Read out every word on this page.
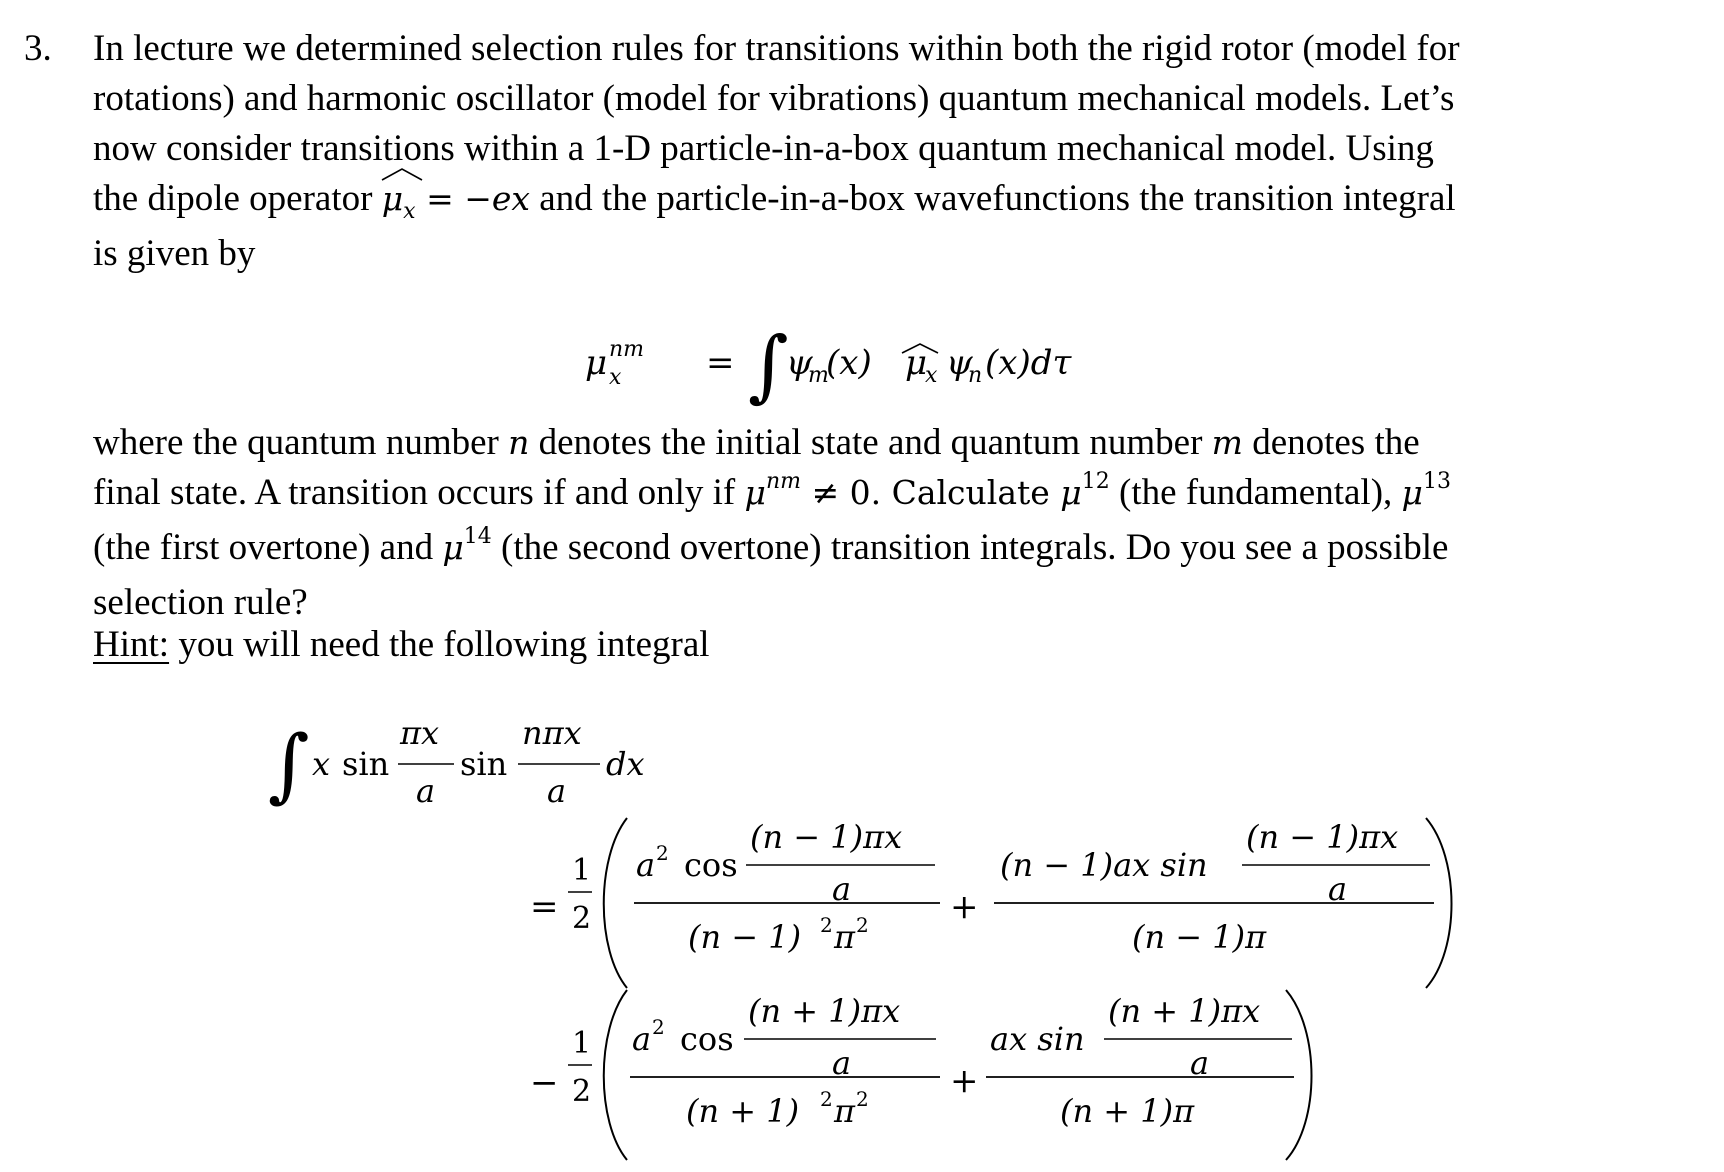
3. In lecture we determined selection rules for transitions within both the rigid rotor (model for
rotations) and harmonic oscillator (model for vibrations) quantum mechanical models. Let’s
now consider transitions within a 1-D particle-in-a-box quantum mechanical model. Using
the dipole operator $\mu_x$
= −ex and the particle-in-a-box wavefunctions the transition integral
is given by
μ nm
x = ∫
ψ
m
(x) μ
x ψ
n (x)dτ
∫ x sin
πx
a
sin
nπx
a
dx
=
1
2
a 2 cos
(n − 1)πx
a
(n − 1) 2 π 2 +
(n − 1)ax sin
(n − 1)πx
a
(n − 1)π
−
1
2
a 2 cos
(n + 1)πx
a
(n + 1) 2 π 2 +
ax sin
(n + 1)πx
a
(n + 1)π
where the quantum number n denotes the initial state and quantum number m denotes the
final state. A transition occurs if and only if $\mu^{nm} \ne 0$. Calculate $\mu^{12}$ (the fundamental), $\mu^{13}$
(the first overtone) and $\mu^{14}$ (the second overtone) transition integrals. Do you see a possible
selection rule?
Hint: you will need the following integral
